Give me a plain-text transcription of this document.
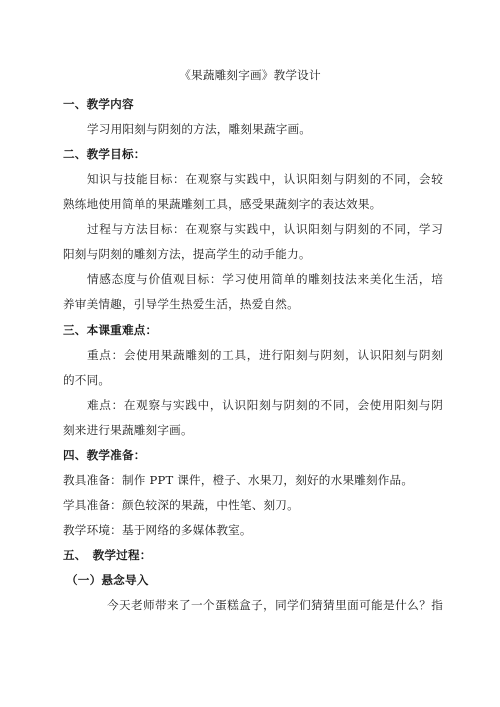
《果蔬雕刻字画》教学设计
一、教学内容
学习用阳刻与阴刻的方法，雕刻果蔬字画。
二、教学目标：
知识与技能目标：在观察与实践中，认识阳刻与阴刻的不同，会较
熟练地使用简单的果蔬雕刻工具，感受果蔬刻字的表达效果。
过程与方法目标：在观察与实践中，认识阳刻与阴刻的不同，学习
阳刻与阴刻的雕刻方法，提高学生的动手能力。
情感态度与价值观目标：学习使用简单的雕刻技法来美化生活，培
养审美情趣，引导学生热爱生活，热爱自然。
三、本课重难点：
重点：会使用果蔬雕刻的工具，进行阳刻与阴刻，认识阳刻与阴刻
的不同。
难点：在观察与实践中，认识阳刻与阴刻的不同，会使用阳刻与阴
刻来进行果蔬雕刻字画。
四、教学准备：
教具准备：制作 PPT 课件，橙子、水果刀，刻好的水果雕刻作品。
学具准备：颜色较深的果蔬，中性笔、刻刀。
教学环境：基于网络的多媒体教室。
五、　教学过程：
（一）悬念导入
今天老师带来了一个蛋糕盒子，同学们猜猜里面可能是什么？指
